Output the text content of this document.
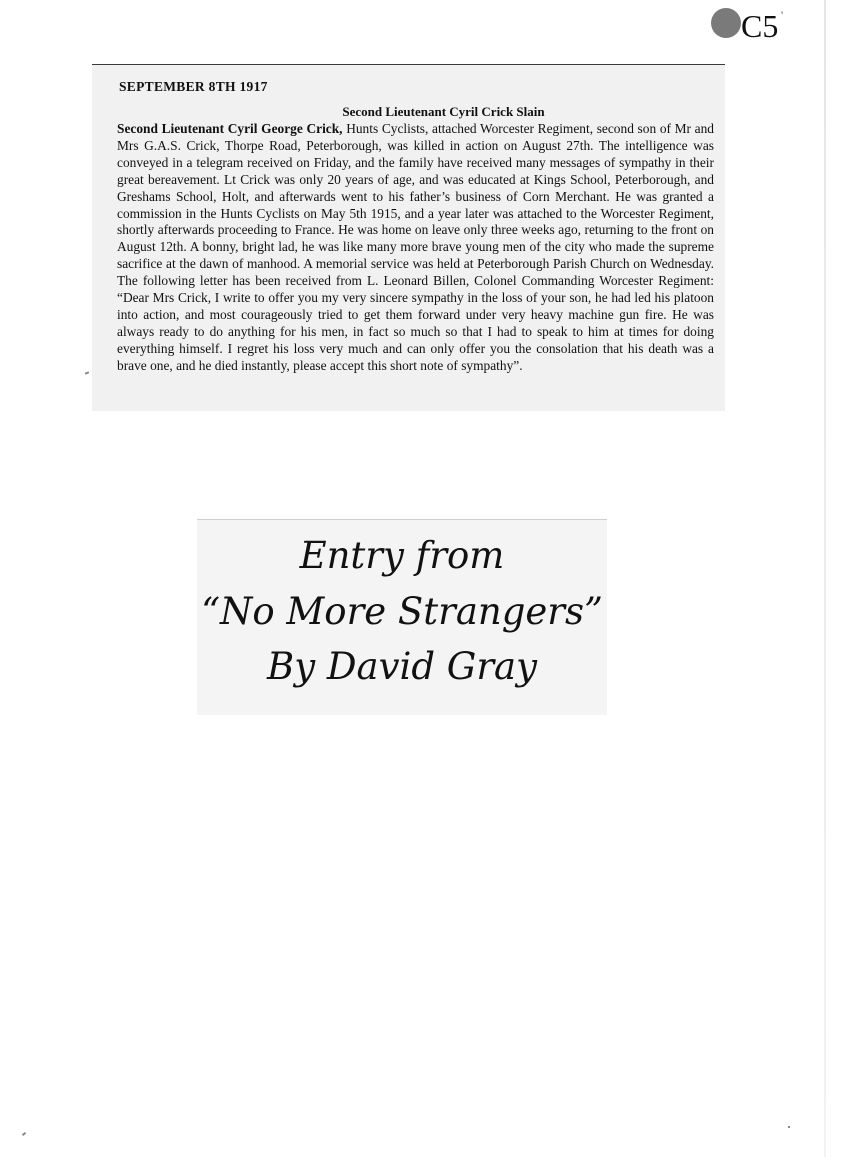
C5 '
SEPTEMBER 8TH 1917
Second Lieutenant Cyril Crick Slain

Second Lieutenant Cyril George Crick, Hunts Cyclists, attached Worcester Regiment, second son of Mr and Mrs G.A.S. Crick, Thorpe Road, Peterborough, was killed in action on August 27th. The intelligence was conveyed in a telegram received on Friday, and the family have received many messages of sympathy in their great bereavement. Lt Crick was only 20 years of age, and was educated at Kings School, Peterborough, and Greshams School, Holt, and afterwards went to his father’s business of Corn Merchant. He was granted a commission in the Hunts Cyclists on May 5th 1915, and a year later was attached to the Worcester Regiment, shortly afterwards proceeding to France. He was home on leave only three weeks ago, returning to the front on August 12th. A bonny, bright lad, he was like many more brave young men of the city who made the supreme sacrifice at the dawn of manhood. A memorial service was held at Peterborough Parish Church on Wednesday. The following letter has been received from L. Leonard Billen, Colonel Commanding Worcester Regiment: “Dear Mrs Crick, I write to offer you my very sincere sympathy in the loss of your son, he had led his platoon into action, and most courageously tried to get them forward under very heavy machine gun fire. He was always ready to do anything for his men, in fact so much so that I had to speak to him at times for doing everything himself. I regret his loss very much and can only offer you the consolation that his death was a brave one, and he died instantly, please accept this short note of sympathy”.

Entry from
“No More Strangers”
By David Gray
